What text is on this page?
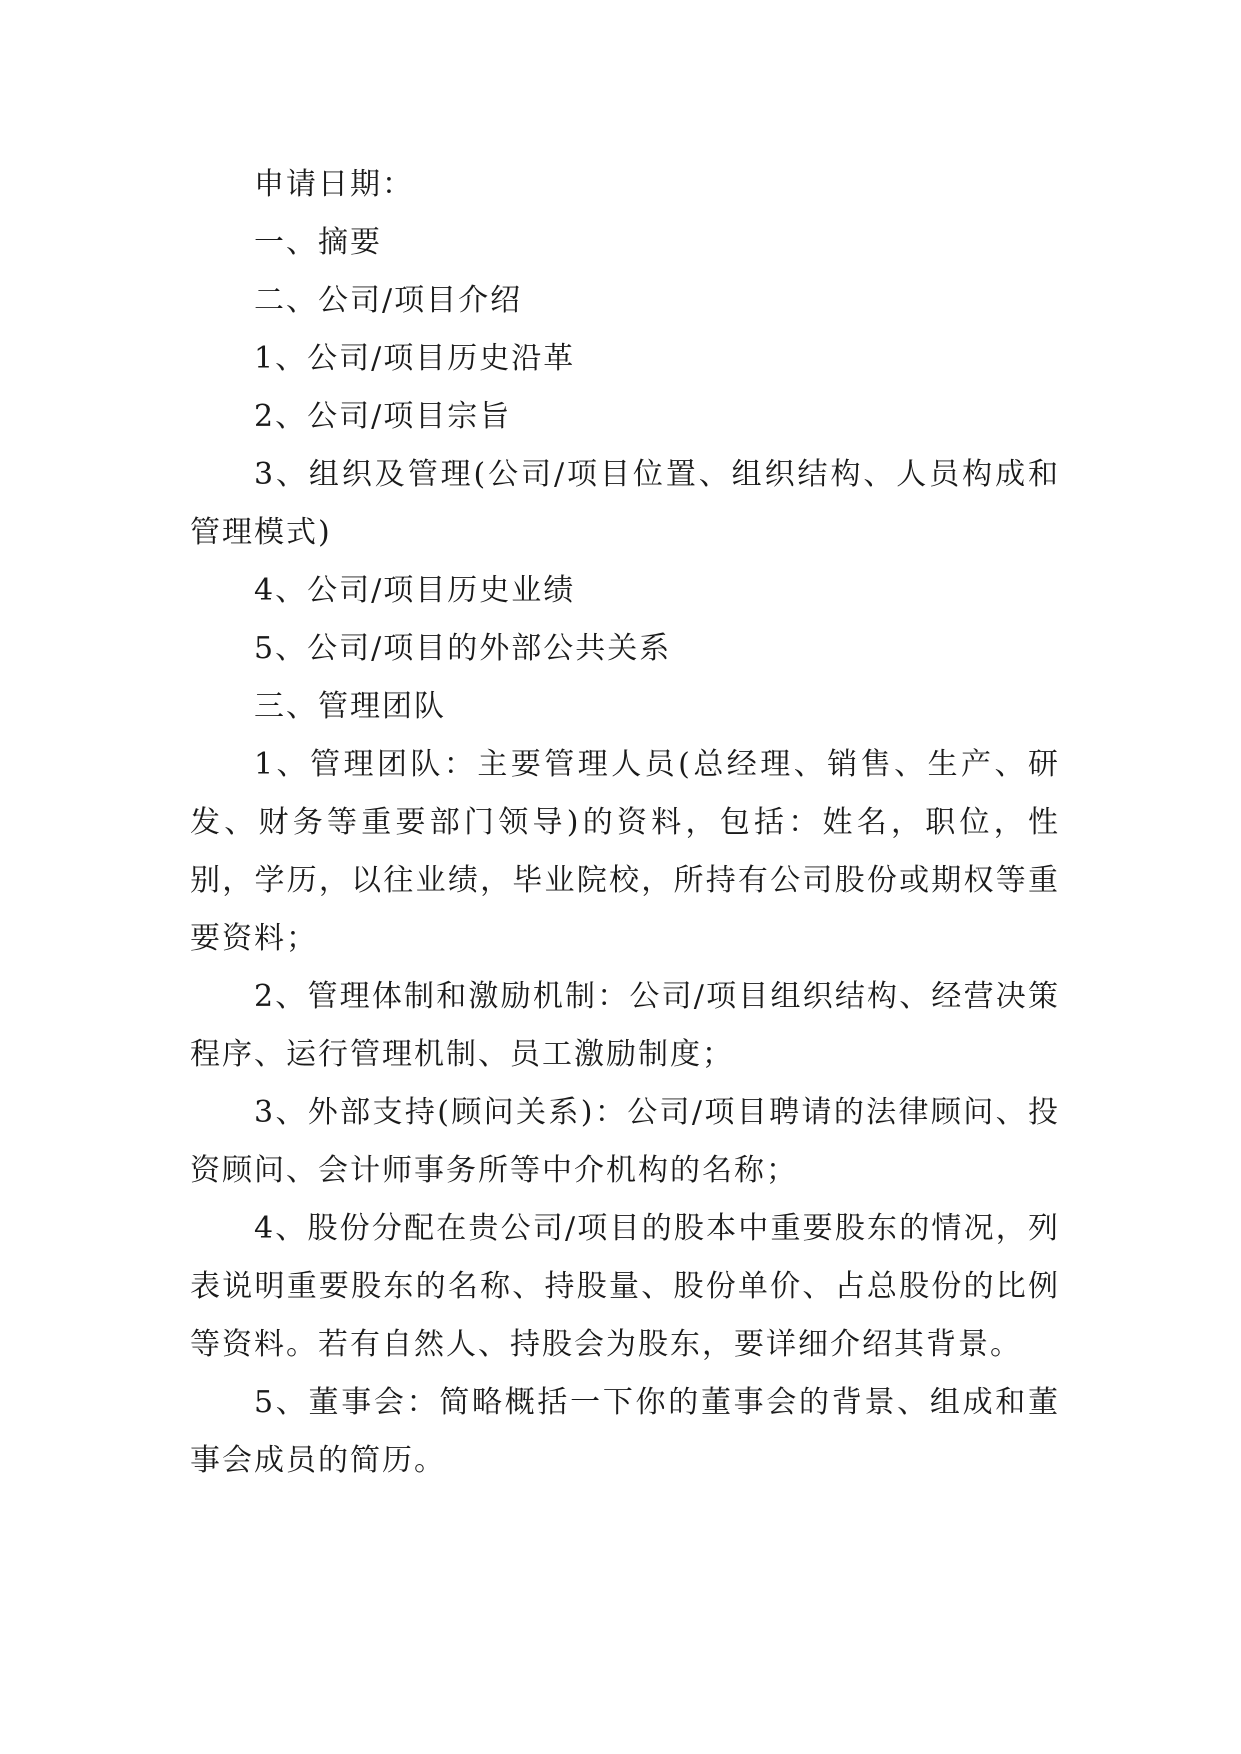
申请日期：

一、摘要

二、公司/项目介绍

1、公司/项目历史沿革

2、公司/项目宗旨

3、组织及管理(公司/项目位置、组织结构、人员构成和管理模式)

4、公司/项目历史业绩

5、公司/项目的外部公共关系

三、管理团队

1、管理团队：主要管理人员(总经理、销售、生产、研发、财务等重要部门领导)的资料，包括：姓名，职位，性别，学历，以往业绩，毕业院校，所持有公司股份或期权等重要资料；

2、管理体制和激励机制：公司/项目组织结构、经营决策程序、运行管理机制、员工激励制度；

3、外部支持(顾问关系)：公司/项目聘请的法律顾问、投资顾问、会计师事务所等中介机构的名称；

4、股份分配在贵公司/项目的股本中重要股东的情况，列表说明重要股东的名称、持股量、股份单价、占总股份的比例等资料。若有自然人、持股会为股东，要详细介绍其背景。

5、董事会：简略概括一下你的董事会的背景、组成和董事会成员的简历。
